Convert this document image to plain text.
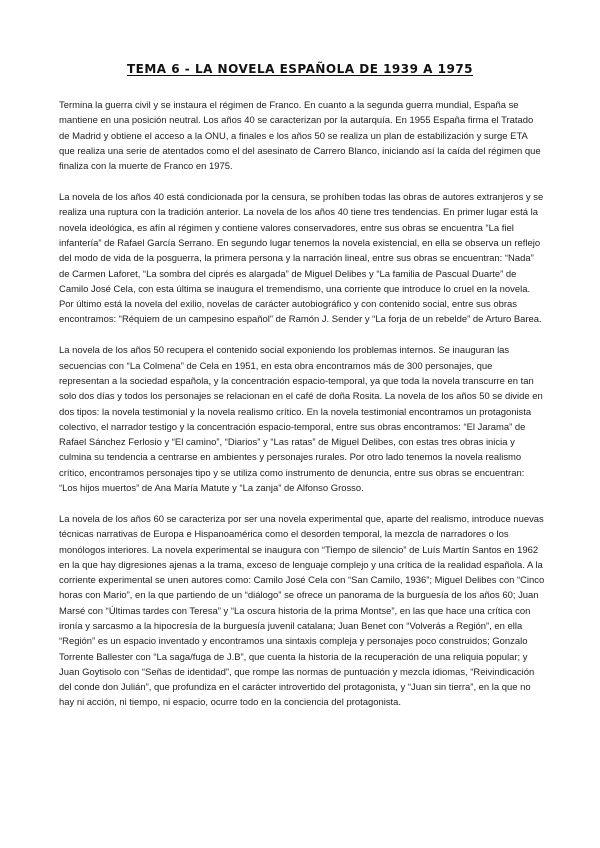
TEMA 6 - LA NOVELA ESPAÑOLA DE 1939 A 1975

Termina la guerra civil y se instaura el régimen de Franco. En cuanto a la segunda guerra mundial, España se mantiene en una posición neutral. Los años 40 se caracterizan por la autarquía. En 1955 España firma el Tratado de Madrid y obtiene el acceso a la ONU, a finales e los años 50 se realiza un plan de estabilización y surge ETA que realiza una serie de atentados como el del asesinato de Carrero Blanco, iniciando así la caída del régimen que finaliza con la muerte de Franco en 1975.

La novela de los años 40 está condicionada por la censura, se prohíben todas las obras de autores extranjeros y se realiza una ruptura con la tradición anterior. La novela de los años 40 tiene tres tendencias. En primer lugar está la novela ideológica, es afín al régimen y contiene valores conservadores, entre sus obras se encuentra “La fiel infantería” de Rafael García Serrano. En segundo lugar tenemos la novela existencial, en ella se observa un reflejo del modo de vida de la posguerra, la primera persona y la narración lineal, entre sus obras se encuentran: “Nada” de Carmen Laforet, “La sombra del ciprés es alargada” de Miguel Delibes y “La familia de Pascual Duarte” de Camilo José Cela, con esta última se inaugura el tremendismo, una corriente que introduce lo cruel en la novela. Por último está la novela del exilio, novelas de carácter autobiográfico y con contenido social, entre sus obras encontramos: “Réquiem de un campesino español” de Ramón J. Sender y “La forja de un rebelde” de Arturo Barea.

La novela de los años 50 recupera el contenido social exponiendo los problemas internos. Se inauguran las secuencias con “La Colmena” de Cela en 1951, en esta obra encontramos más de 300 personajes, que representan a la sociedad española, y la concentración espacio-temporal, ya que toda la novela transcurre en tan solo dos días y todos los personajes se relacionan en el café de doña Rosita. La novela de los años 50 se divide en dos tipos: la novela testimonial y la novela realismo crítico. En la novela testimonial encontramos un protagonista colectivo, el narrador testigo y la concentración espacio-temporal, entre sus obras encontramos: “El Jarama” de Rafael Sánchez Ferlosio y “El camino”, “Diarios” y “Las ratas” de Miguel Delibes, con estas tres obras inicia y culmina su tendencia a centrarse en ambientes y personajes rurales. Por otro lado tenemos la novela realismo crítico, encontramos personajes tipo y se utiliza como instrumento de denuncia, entre sus obras se encuentran: “Los hijos muertos” de Ana María Matute y “La zanja” de Alfonso Grosso.

La novela de los años 60 se caracteriza por ser una novela experimental que, aparte del realismo, introduce nuevas técnicas narrativas de Europa e Hispanoamérica como el desorden temporal, la mezcla de narradores o los monólogos interiores. La novela experimental se inaugura con “Tiempo de silencio” de Luís Martín Santos en 1962 en la que hay digresiones ajenas a la trama, exceso de lenguaje complejo y una crítica de la realidad española. A la corriente experimental se unen autores como: Camilo José Cela con “San Camilo, 1936”; Miguel Delibes con “Cinco horas con Mario”, en la que partiendo de un “diálogo” se ofrece un panorama de la burguesía de los años 60; Juan Marsé con “Últimas tardes con Teresa” y “La oscura historia de la prima Montse”, en las que hace una crítica con ironía y sarcasmo a la hipocresía de la burguesía juvenil catalana; Juan Benet con “Volverás a Región”, en ella “Región” es un espacio inventado y encontramos una sintaxis compleja y personajes poco construidos; Gonzalo Torrente Ballester con “La saga/fuga de J.B”, que cuenta la historia de la recuperación de una reliquia popular; y Juan Goytisolo con “Señas de identidad”, que rompe las normas de puntuación y mezcla idiomas, “Reivindicación del conde don Julián”, que profundiza en el carácter introvertido del protagonista, y “Juan sin tierra”, en la que no hay ni acción, ni tiempo, ni espacio, ocurre todo en la conciencia del protagonista.
